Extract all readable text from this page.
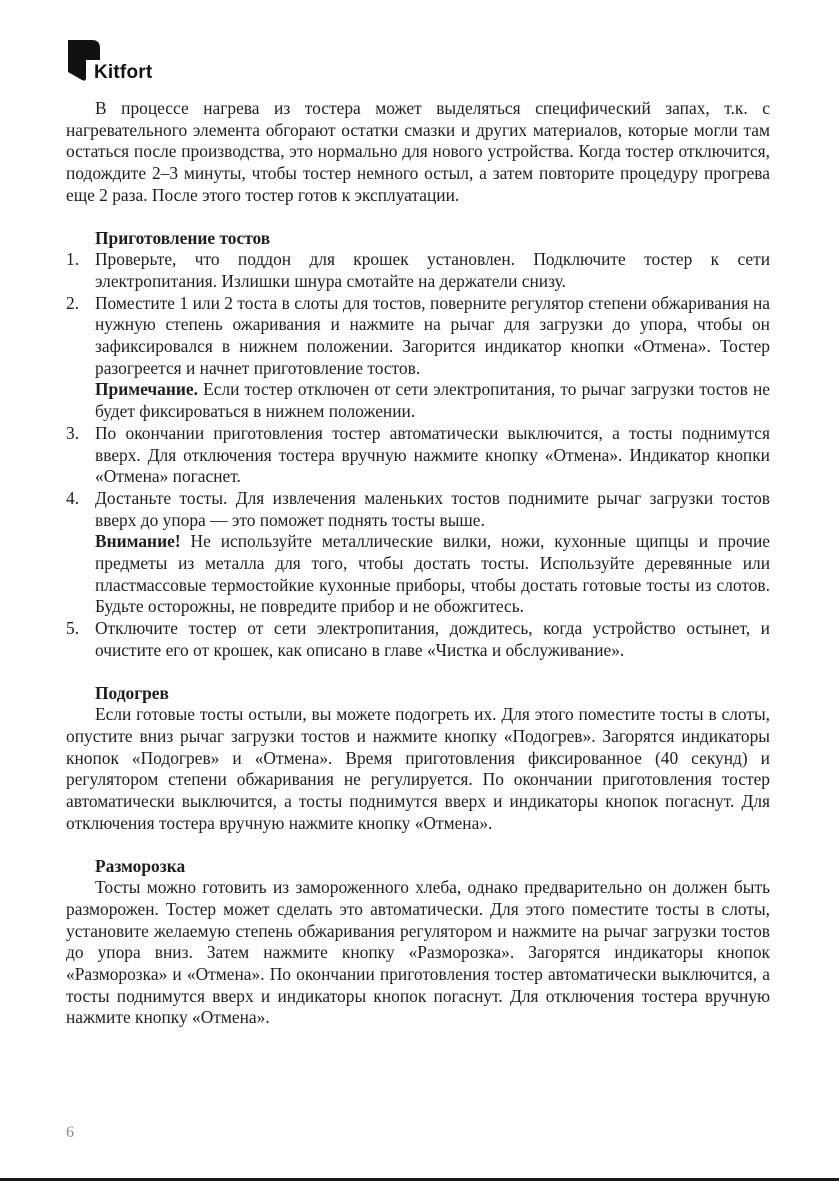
Kitfort

В процессе нагрева из тостера может выделяться специфический запах, т.к. с нагревательного элемента обгорают остатки смазки и других материалов, которые могли там остаться после производства, это нормально для нового устройства. Когда тостер отключится, подождите 2–3 минуты, чтобы тостер немного остыл, а затем повторите процедуру прогрева еще 2 раза. После этого тостер готов к эксплуатации.

Приготовление тостов
1. Проверьте, что поддон для крошек установлен. Подключите тостер к сети электропитания. Излишки шнура смотайте на держатели снизу.
2. Поместите 1 или 2 тоста в слоты для тостов, поверните регулятор степени обжаривания на нужную степень ожаривания и нажмите на рычаг для загрузки до упора, чтобы он зафиксировался в нижнем положении. Загорится индикатор кнопки «Отмена». Тостер разогреется и начнет приготовление тостов.
Примечание. Если тостер отключен от сети электропитания, то рычаг загрузки тостов не будет фиксироваться в нижнем положении.
3. По окончании приготовления тостер автоматически выключится, а тосты поднимутся вверх. Для отключения тостера вручную нажмите кнопку «Отмена». Индикатор кнопки «Отмена» погаснет.
4. Достаньте тосты. Для извлечения маленьких тостов поднимите рычаг загрузки тостов вверх до упора — это поможет поднять тосты выше.
Внимание! Не используйте металлические вилки, ножи, кухонные щипцы и прочие предметы из металла для того, чтобы достать тосты. Используйте деревянные или пластмассовые термостойкие кухонные приборы, чтобы достать готовые тосты из слотов. Будьте осторожны, не повредите прибор и не обожгитесь.
5. Отключите тостер от сети электропитания, дождитесь, когда устройство остынет, и очистите его от крошек, как описано в главе «Чистка и обслуживание».
Подогрев

Если готовые тосты остыли, вы можете подогреть их. Для этого поместите тосты в слоты, опустите вниз рычаг загрузки тостов и нажмите кнопку «Подогрев». Загорятся индикаторы кнопок «Подогрев» и «Отмена». Время приготовления фиксированное (40 секунд) и регулятором степени обжаривания не регулируется. По окончании приготовления тостер автоматически выключится, а тосты поднимутся вверх и индикаторы кнопок погаснут. Для отключения тостера вручную нажмите кнопку «Отмена».

Разморозка

Тосты можно готовить из замороженного хлеба, однако предварительно он должен быть разморожен. Тостер может сделать это автоматически. Для этого поместите тосты в слоты, установите желаемую степень обжаривания регулятором и нажмите на рычаг загрузки тостов до упора вниз. Затем нажмите кнопку «Разморозка». Загорятся индикаторы кнопок «Разморозка» и «Отмена». По окончании приготовления тостер автоматически выключится, а тосты поднимутся вверх и индикаторы кнопок погаснут. Для отключения тостера вручную нажмите кнопку «Отмена».

6
